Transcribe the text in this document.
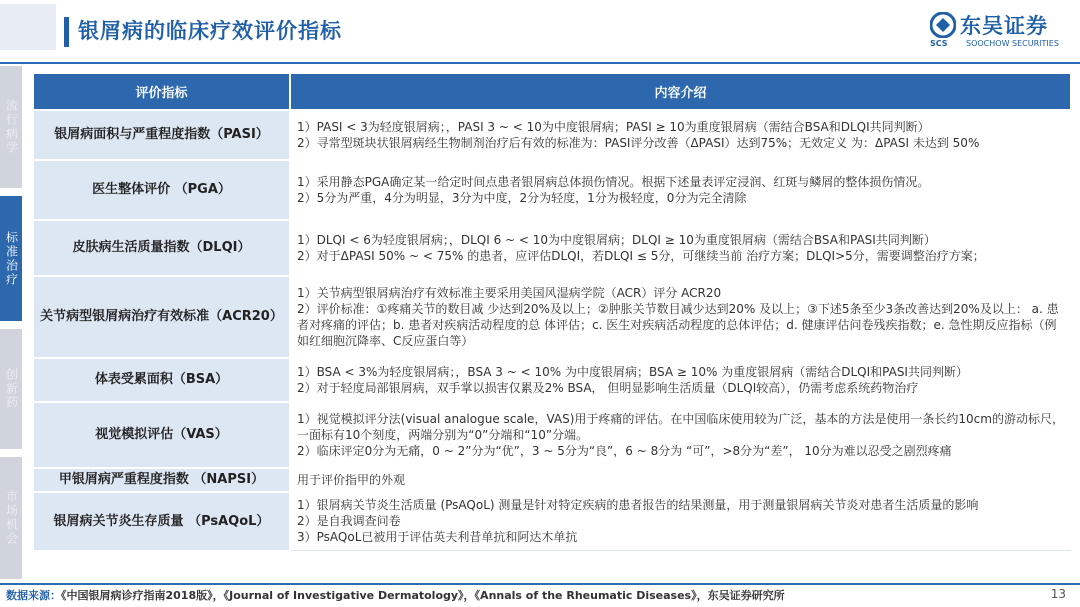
银屑病的临床疗效评价指标	东吴证券
SCS SOOCHOW SECURITIES
流行病学
标准治疗
创新药
市场机会
评价指标	内容介绍
银屑病面积与严重程度指数（PASI）	1）PASI < 3为轻度银屑病；，PASI 3 ~ < 10为中度银屑病；PASI ≥ 10为重度银屑病（需结合BSA和DLQI共同判断）
2）寻常型斑块状银屑病经生物制剂治疗后有效的标准为：PASI评分改善（ΔPASI）达到75%；无效定义 为：ΔPASI 未达到 50%

医生整体评价 （PGA）	1）采用静态PGA确定某一给定时间点患者银屑病总体损伤情况。根据下述量表评定浸润、红斑与鳞屑的整体损伤情况。
2）5分为严重，4分为明显，3分为中度，2分为轻度，1分为极轻度，0分为完全清除

皮肤病生活质量指数（DLQI）	1）DLQI < 6为轻度银屑病；，DLQI 6 ~ < 10为中度银屑病；DLQI ≥ 10为重度银屑病（需结合BSA和PASI共同判断）
2）对于ΔPASI 50% ~ < 75% 的患者，应评估DLQI，若DLQI ≤ 5分，可继续当前 治疗方案；DLQI>5分，需要调整治疗方案；

关节病型银屑病治疗有效标准（ACR20）	1）关节病型银屑病治疗有效标准主要采用美国风湿病学院（ACR）评分 ACR20
2）评价标准：①疼痛关节的数目减 少达到20%及以上；②肿胀关节数目减少达到20% 及以上；③下述5条至少3条改善达到20%及以上： a. 患者对疼痛的评估；b. 患者对疾病活动程度的总 体评估；c. 医生对疾病活动程度的总体评估；d. 健康评估问卷残疾指数；e. 急性期反应指标（例如红细胞沉降率、C反应蛋白等）

体表受累面积（BSA）	1）BSA < 3%为轻度银屑病；，BSA 3 ~ < 10% 为中度银屑病；BSA ≥ 10% 为重度银屑病（需结合DLQI和PASI共同判断）
2）对于轻度局部银屑病，双手掌以损害仅累及2% BSA， 但明显影响生活质量（DLQI较高），仍需考虑系统药物治疗

视觉模拟评估（VAS）	1）视觉模拟评分法(visual analogue scale，VAS)用于疼痛的评估。在中国临床使用较为广泛，基本的方法是使用一条长约10cm的游动标尺，一面标有10个刻度，两端分别为“0”分端和“10”分端。
2）临床评定0分为无痛，0 ~ 2”分为“优”，3 ~ 5分为“良”，6 ~ 8分为 “可”，>8分为“差”， 10分为难以忍受之剧烈疼痛

甲银屑病严重程度指数 （NAPSI）	用于评价指甲的外观

银屑病关节炎生存质量 （PsAQoL）	1）银屑病关节炎生活质量 (PsAQoL) 测量是针对特定疾病的患者报告的结果测量，用于测量银屑病关节炎对患者生活质量的影响
2）是自我调查问卷
3）PsAQoL已被用于评估英夫利昔单抗和阿达木单抗
数据来源：《中国银屑病诊疗指南2018版》，《Journal of Investigative Dermatology》，《Annals of the Rheumatic Diseases》，东吴证券研究所	13
